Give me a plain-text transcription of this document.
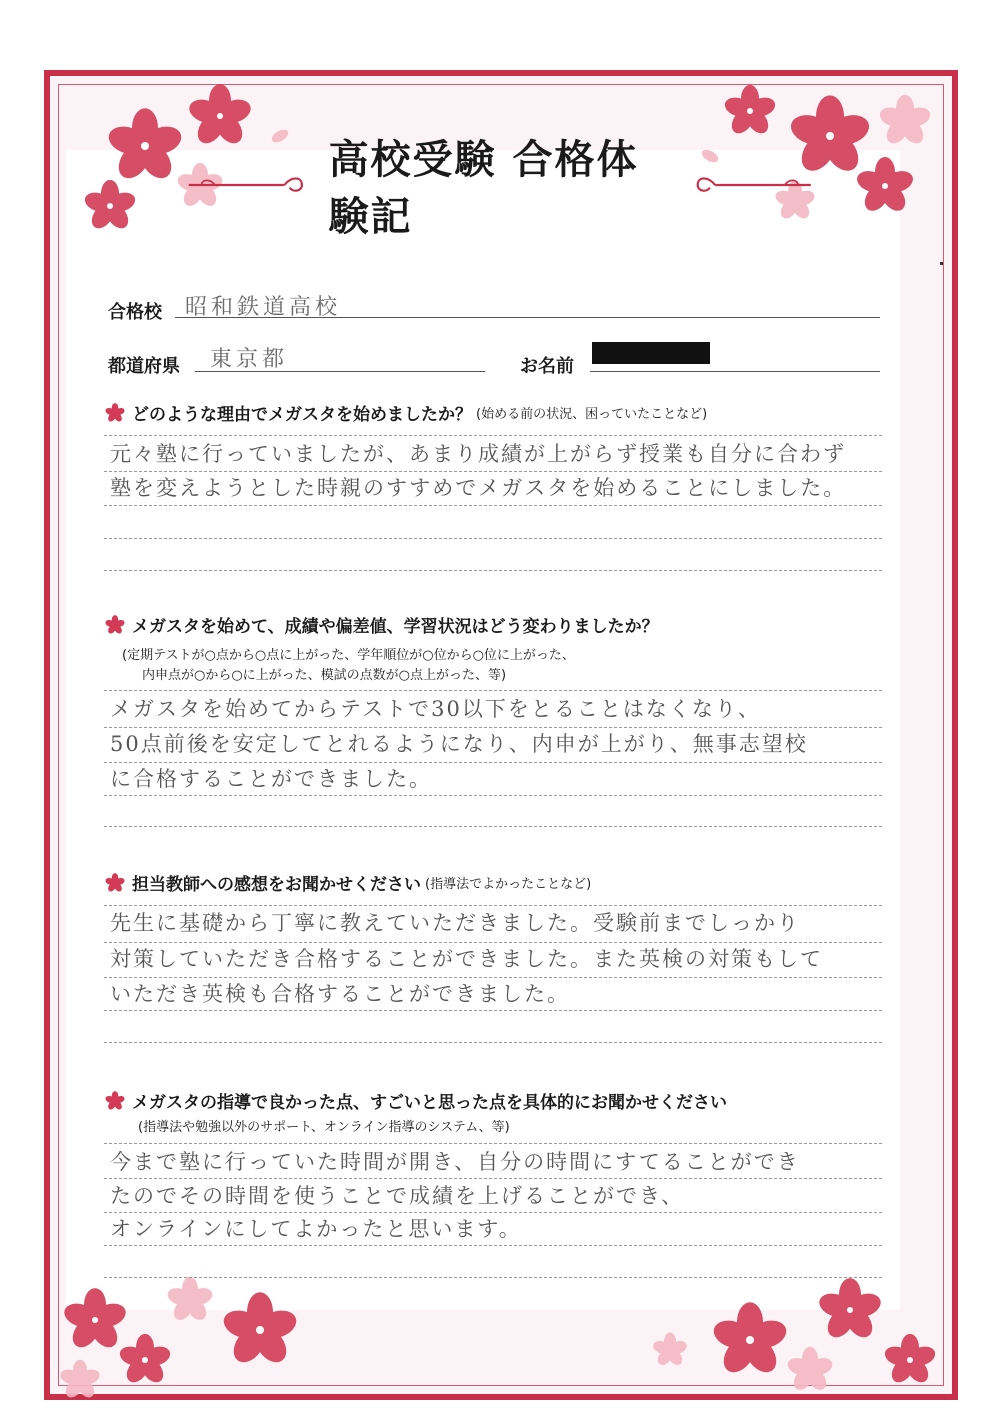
高校受験 合格体験記
合格校 昭和鉄道高校
都道府県 東京都	お名前
どのような理由でメガスタを始めましたか？ (始める前の状況、困っていたことなど)
元々塾に行っていましたが、あまり成績が上がらず授業も自分に合わず
塾を変えようとした時親のすすめでメガスタを始めることにしました。
メガスタを始めて、成績や偏差値、学習状況はどう変わりましたか？
(定期テストが○点から○点に上がった、学年順位が○位から○位に上がった、
内申点が○から○に上がった、模試の点数が○点上がった、等)
メガスタを始めてからテストで30以下をとることはなくなり、
50点前後を安定してとれるようになり、内申が上がり、無事志望校
に合格することができました。
担当教師への感想をお聞かせください (指導法でよかったことなど)
先生に基礎から丁寧に教えていただきました。受験前までしっかり
対策していただき合格することができました。また英検の対策もして
いただき英検も合格することができました。
メガスタの指導で良かった点、すごいと思った点を具体的にお聞かせください
(指導法や勉強以外のサポート、オンライン指導のシステム、等)
今まで塾に行っていた時間が開き、自分の時間にすてることができ
たのでその時間を使うことで成績を上げることができ、
オンラインにしてよかったと思います。
